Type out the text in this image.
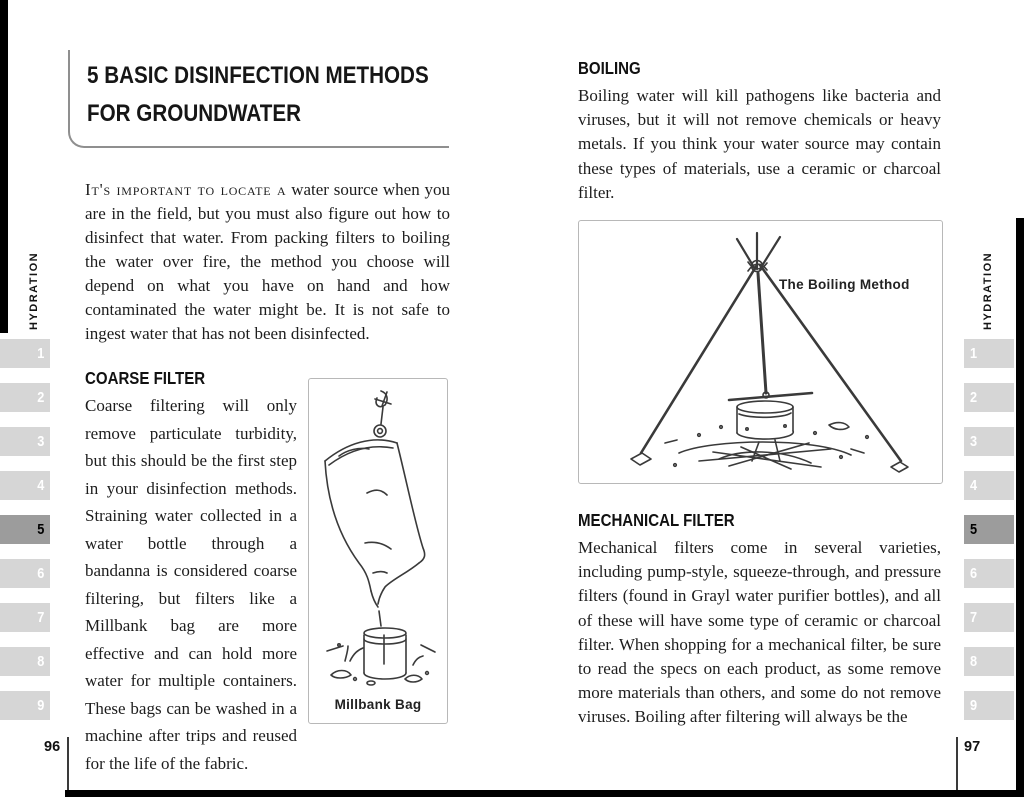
HYDRATION
1
2
3
4
5
6
7
8
9
HYDRATION
1
2
3
4
5
6
7
8
9
5 BASIC DISINFECTION METHODS
FOR GROUNDWATER

It's important to locate a water source when you are in the field, but you must also figure out how to disinfect that water. From packing filters to boiling the water over fire, the method you choose will depend on what you have on hand and how contaminated the water might be. It is not safe to ingest water that has not been disinfected.

COARSE FILTER

Coarse filtering will only remove particulate turbidity, but this should be the first step in your disinfection methods. Straining water collected in a water bottle through a bandanna is considered coarse filtering, but filters like a Millbank bag are more effective and can hold more water for multiple containers. These bags can be washed in a machine after trips and reused for the life of the fabric.

Millbank Bag
96
BOILING

Boiling water will kill pathogens like bacteria and viruses, but it will not remove chemicals or heavy metals. If you think your water source may contain these types of materials, use a ceramic or charcoal filter.

The Boiling Method
MECHANICAL FILTER

Mechanical filters come in several varieties, including pump-style, squeeze-through, and pressure filters (found in Grayl water purifier bottles), and all of these will have some type of ceramic or charcoal filter. When shopping for a mechanical filter, be sure to read the specs on each product, as some remove more materials than others, and some do not remove viruses. Boiling after filtering will always be the

97
